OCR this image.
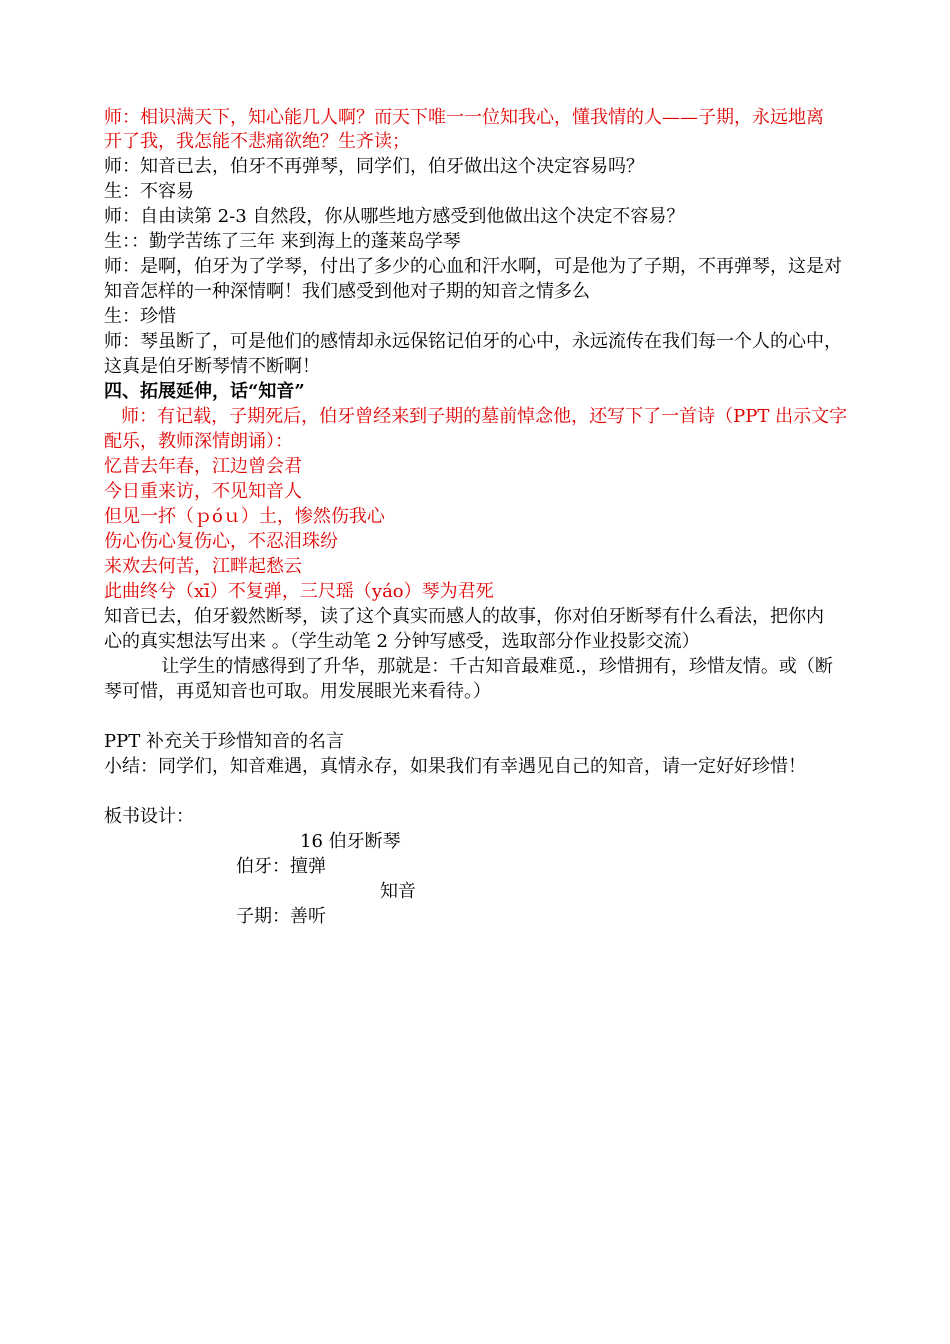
师：相识满天下，知心能几人啊？而天下唯一一位知我心，懂我情的人——子期，永远地离
开了我，我怎能不悲痛欲绝？生齐读；
师：知音已去，伯牙不再弹琴，同学们，伯牙做出这个决定容易吗？
生：不容易
师：自由读第 2-3 自然段，你从哪些地方感受到他做出这个决定不容易？
生：：勤学苦练了三年 来到海上的蓬莱岛学琴
师：是啊，伯牙为了学琴，付出了多少的心血和汗水啊，可是他为了子期，不再弹琴，这是对
知音怎样的一种深情啊！我们感受到他对子期的知音之情多么
生：珍惜
师：琴虽断了，可是他们的感情却永远保铭记伯牙的心中，永远流传在我们每一个人的心中，
这真是伯牙断琴情不断啊！
四、拓展延伸，话“知音”
师：有记载，子期死后，伯牙曾经来到子期的墓前悼念他，还写下了一首诗（PPT 出示文字
配乐，教师深情朗诵）：
忆昔去年春，江边曾会君
今日重来访，不见知音人
但见一抔（ｐóｕ）土，惨然伤我心
伤心伤心复伤心，不忍泪珠纷
来欢去何苦，江畔起愁云
此曲终兮（xī）不复弹，三尺瑶（yáo）琴为君死
知音已去，伯牙毅然断琴，读了这个真实而感人的故事，你对伯牙断琴有什么看法，把你内
心的真实想法写出来 。（学生动笔 2 分钟写感受，选取部分作业投影交流）
让学生的情感得到了升华，那就是：千古知音最难觅.，珍惜拥有，珍惜友情。或（断
琴可惜，再觅知音也可取。用发展眼光来看待。）
PPT 补充关于珍惜知音的名言
小结：同学们，知音难遇，真情永存，如果我们有幸遇见自己的知音，请一定好好珍惜！
板书设计：
16 伯牙断琴
伯牙：擅弹
知音
子期：善听
